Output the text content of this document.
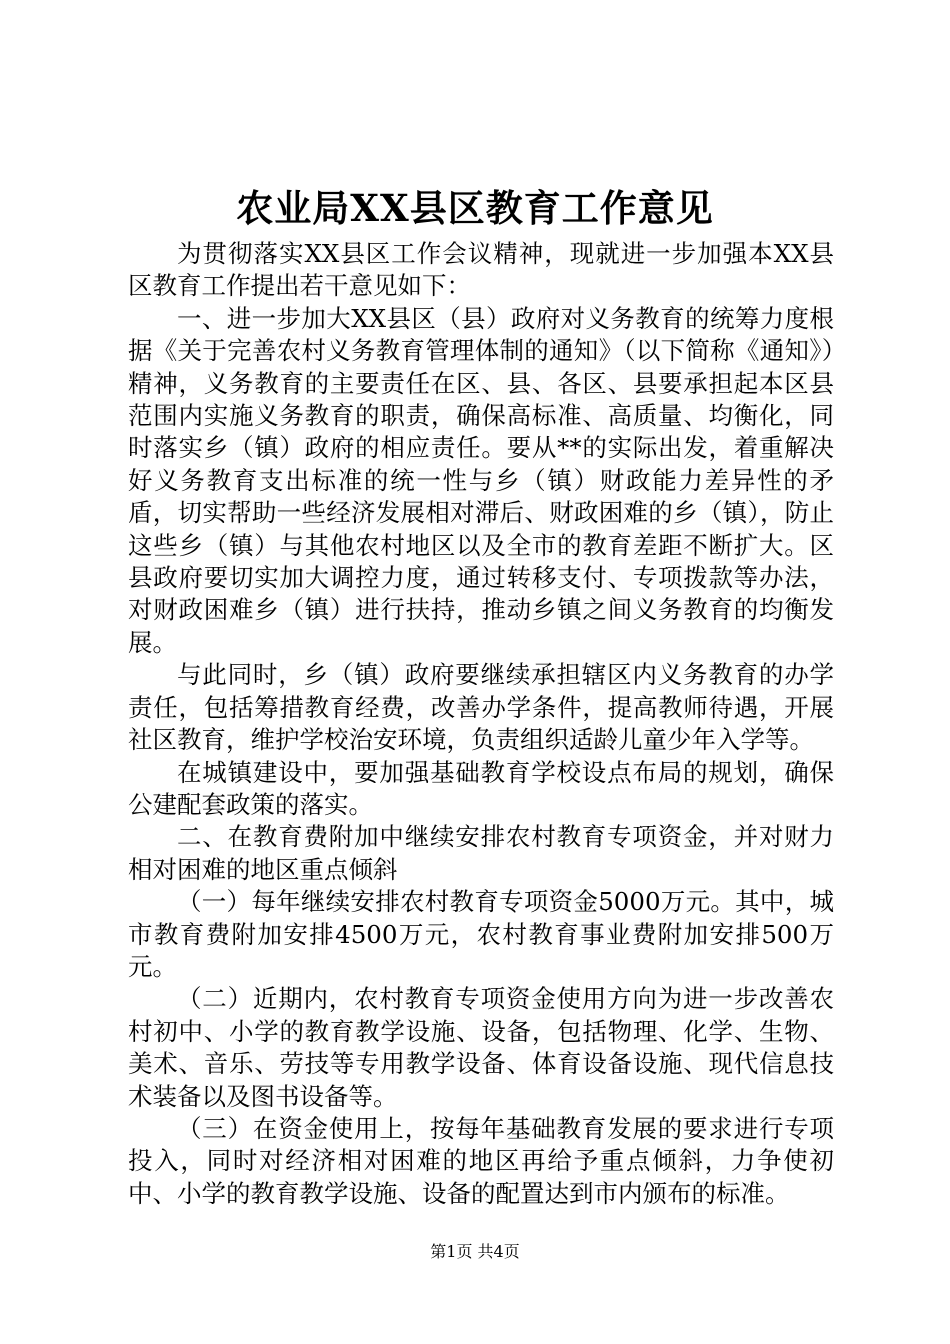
农业局XX县区教育工作意见

为贯彻落实XX县区工作会议精神，现就进一步加强本XX县区教育工作提出若干意见如下：

一、进一步加大XX县区（县）政府对义务教育的统筹力度根据《关于完善农村义务教育管理体制的通知》（以下简称《通知》）精神，义务教育的主要责任在区、县、各区、县要承担起本区县范围内实施义务教育的职责，确保高标准、高质量、均衡化，同时落实乡（镇）政府的相应责任。要从**的实际出发，着重解决好义务教育支出标准的统一性与乡（镇）财政能力差异性的矛盾，切实帮助一些经济发展相对滞后、财政困难的乡（镇），防止这些乡（镇）与其他农村地区以及全市的教育差距不断扩大。区县政府要切实加大调控力度，通过转移支付、专项拨款等办法，对财政困难乡（镇）进行扶持，推动乡镇之间义务教育的均衡发展。

与此同时，乡（镇）政府要继续承担辖区内义务教育的办学责任，包括筹措教育经费，改善办学条件，提高教师待遇，开展社区教育，维护学校治安环境，负责组织适龄儿童少年入学等。

在城镇建设中，要加强基础教育学校设点布局的规划，确保公建配套政策的落实。

二、在教育费附加中继续安排农村教育专项资金，并对财力相对困难的地区重点倾斜

（一）每年继续安排农村教育专项资金5000万元。其中，城市教育费附加安排4500万元，农村教育事业费附加安排500万元。

（二）近期内，农村教育专项资金使用方向为进一步改善农村初中、小学的教育教学设施、设备，包括物理、化学、生物、美术、音乐、劳技等专用教学设备、体育设备设施、现代信息技术装备以及图书设备等。

（三）在资金使用上，按每年基础教育发展的要求进行专项投入，同时对经济相对困难的地区再给予重点倾斜，力争使初中、小学的教育教学设施、设备的配置达到市内颁布的标准。

第1页 共4页
